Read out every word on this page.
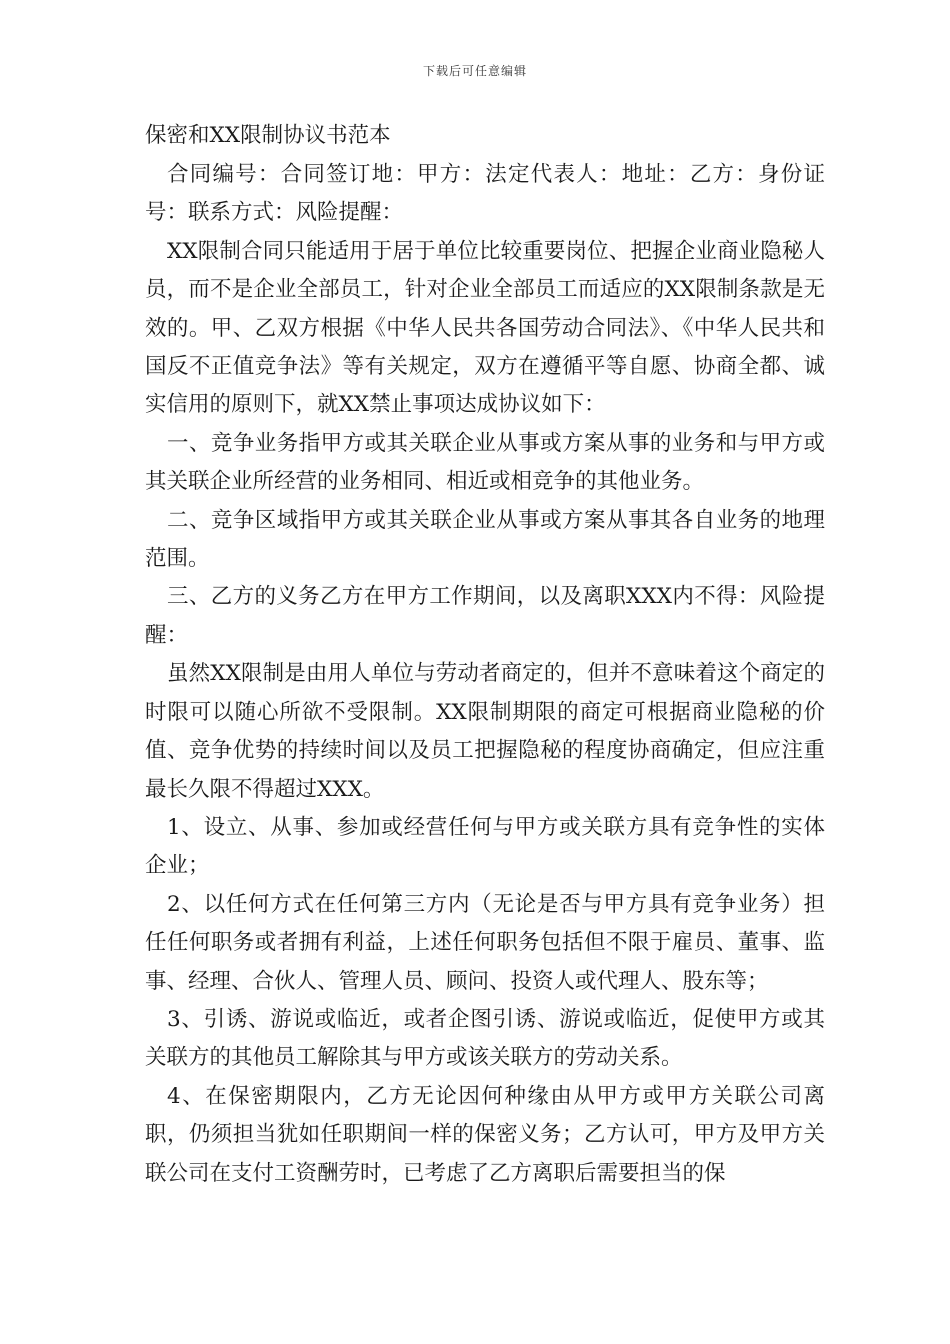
下载后可任意编辑
保密和XX限制协议书范本

合同编号：合同签订地：甲方：法定代表人：地址：乙方：身份证号：联系方式：风险提醒：

XX限制合同只能适用于居于单位比较重要岗位、把握企业商业隐秘人员，而不是企业全部员工，针对企业全部员工而适应的XX限制条款是无效的。甲、乙双方根据《中华人民共各国劳动合同法》、《中华人民共和国反不正值竞争法》等有关规定，双方在遵循平等自愿、协商全都、诚实信用的原则下，就XX禁止事项达成协议如下：

一、竞争业务指甲方或其关联企业从事或方案从事的业务和与甲方或其关联企业所经营的业务相同、相近或相竞争的其他业务。

二、竞争区域指甲方或其关联企业从事或方案从事其各自业务的地理范围。

三、乙方的义务乙方在甲方工作期间，以及离职XXX内不得：风险提醒：

虽然XX限制是由用人单位与劳动者商定的，但并不意味着这个商定的时限可以随心所欲不受限制。XX限制期限的商定可根据商业隐秘的价值、竞争优势的持续时间以及员工把握隐秘的程度协商确定，但应注重最长久限不得超过XXX。

1、设立、从事、参加或经营任何与甲方或关联方具有竞争性的实体企业；

2、以任何方式在任何第三方内（无论是否与甲方具有竞争业务）担任任何职务或者拥有利益，上述任何职务包括但不限于雇员、董事、监事、经理、合伙人、管理人员、顾问、投资人或代理人、股东等；

3、引诱、游说或临近，或者企图引诱、游说或临近，促使甲方或其关联方的其他员工解除其与甲方或该关联方的劳动关系。

4、在保密期限内，乙方无论因何种缘由从甲方或甲方关联公司离职，仍须担当犹如任职期间一样的保密义务；乙方认可，甲方及甲方关联公司在支付工资酬劳时，已考虑了乙方离职后需要担当的保
